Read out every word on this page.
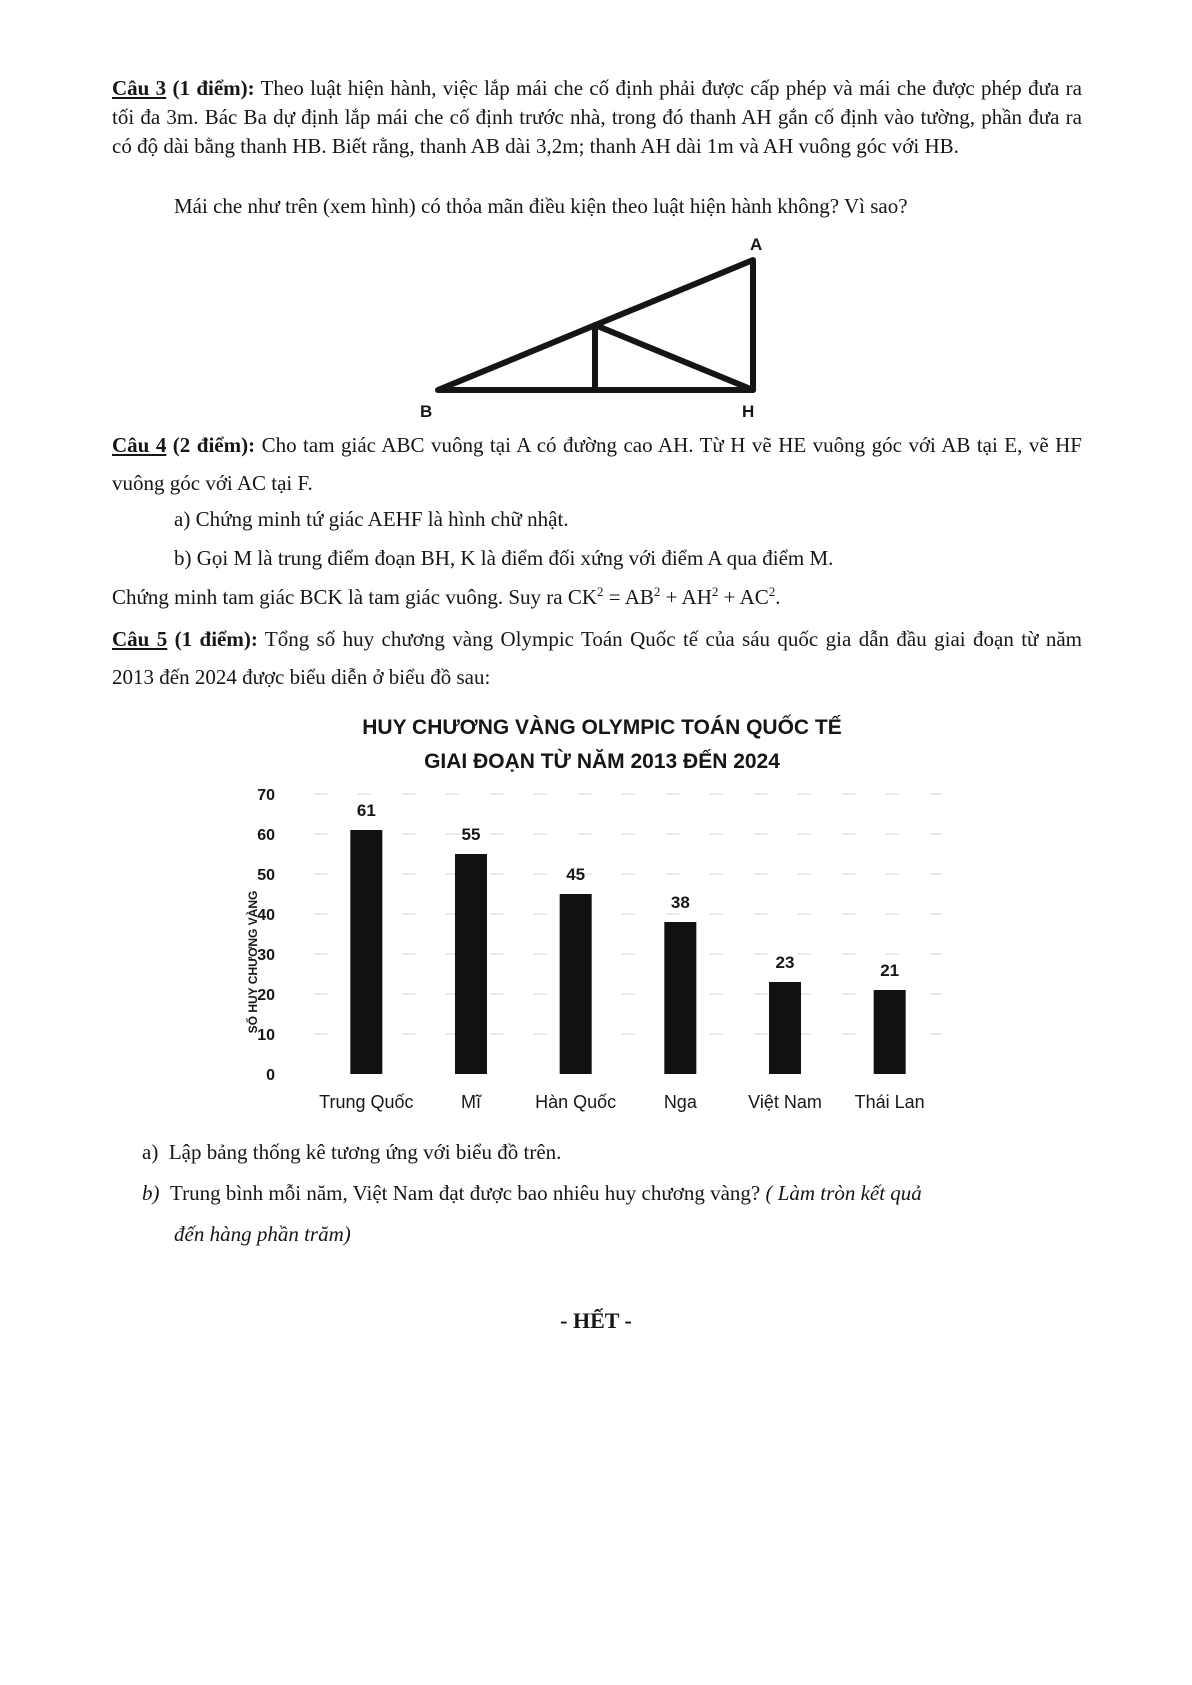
Câu 3 (1 điểm): Theo luật hiện hành, việc lắp mái che cố định phải được cấp phép và mái che được phép đưa ra tối đa 3m. Bác Ba dự định lắp mái che cố định trước nhà, trong đó thanh AH gắn cố định vào tường, phần đưa ra có độ dài bằng thanh HB. Biết rằng, thanh AB dài 3,2m; thanh AH dài 1m và AH vuông góc với HB.
Mái che như trên (xem hình) có thỏa mãn điều kiện theo luật hiện hành không? Vì sao?
A
B	H
Câu 4 (2 điểm): Cho tam giác ABC vuông tại A có đường cao AH. Từ H vẽ HE vuông góc với AB tại E, vẽ HF vuông góc với AC tại F.
a) Chứng minh tứ giác AEHF là hình chữ nhật.
b) Gọi M là trung điểm đoạn BH, K là điểm đối xứng với điểm A qua điểm M.
Chứng minh tam giác BCK là tam giác vuông. Suy ra $CK^2 = AB^2 + AH^2 + AC^2$.
Câu 5 (1 điểm): Tổng số huy chương vàng Olympic Toán Quốc tế của sáu quốc gia dẫn đầu giai đoạn từ năm 2013 đến 2024 được biểu diễn ở biểu đồ sau:
HUY CHƯƠNG VÀNG OLYMPIC TOÁN QUỐC TẾ
GIAI ĐOẠN TỪ NĂM 2013 ĐẾN 2024
SỐ HUY CHƯƠNG VÀNG
0
10
20
30
40
50
60
70
61
55
45
38
23	21
Trung Quốc	Mĩ	Hàn Quốc	Nga	Việt Nam Thái Lan
a) Lập bảng thống kê tương ứng với biểu đồ trên.
b) Trung bình mỗi năm, Việt Nam đạt được bao nhiêu huy chương vàng? ( Làm tròn kết quả
đến hàng phần trăm)
- HẾT -
